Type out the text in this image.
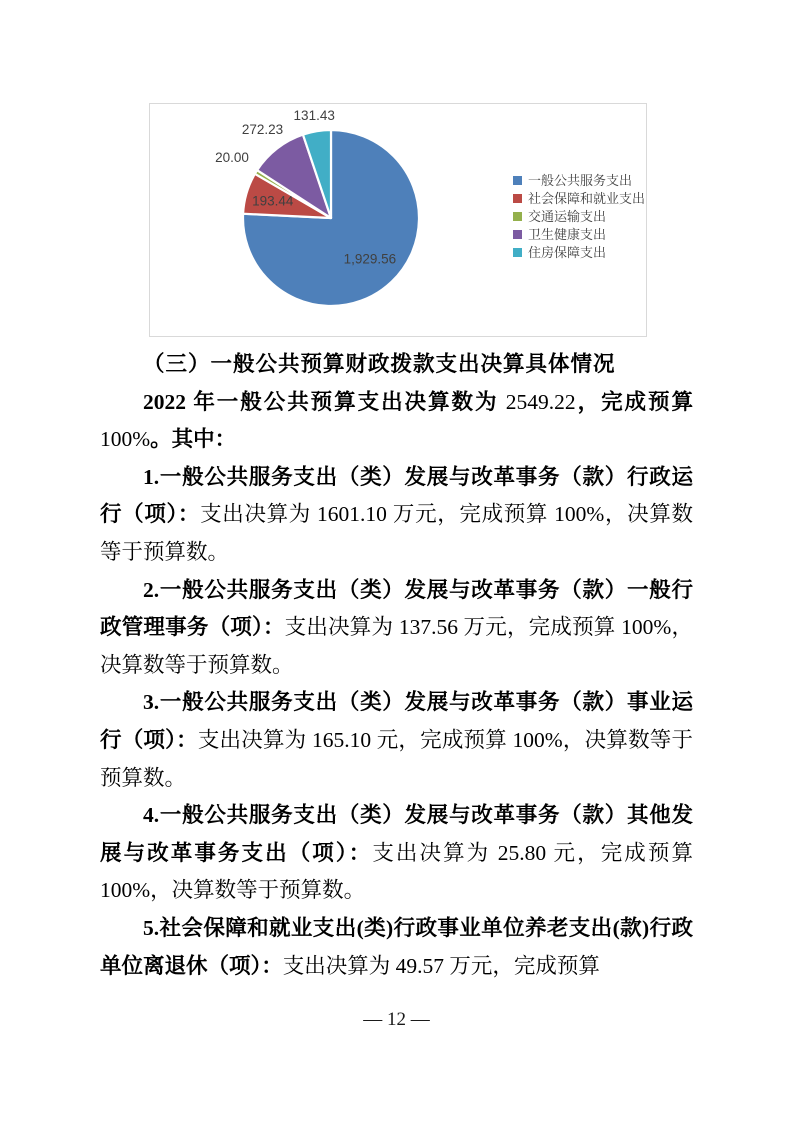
1,929.56
193.44
20.00
272.23
131.43
一般公共服务支出
社会保障和就业支出
交通运输支出
卫生健康支出
住房保障支出

（三）一般公共预算财政拨款支出决算具体情况

2022 年一般公共预算支出决算数为 2549.22，完成预算 100%。其中：

1.一般公共服务支出（类）发展与改革事务（款）行政运行（项）：支出决算为 1601.10 万元，完成预算 100%，决算数等于预算数。

2.一般公共服务支出（类）发展与改革事务（款）一般行政管理事务（项）：支出决算为 137.56 万元，完成预算 100%，决算数等于预算数。

3.一般公共服务支出（类）发展与改革事务（款）事业运行（项）：支出决算为 165.10 元，完成预算 100%，决算数等于预算数。

4.一般公共服务支出（类）发展与改革事务（款）其他发展与改革事务支出（项）：支出决算为 25.80 元，完成预算 100%，决算数等于预算数。

5.社会保障和就业支出(类)行政事业单位养老支出(款)行政单位离退休（项）：支出决算为 49.57 万元，完成预算

— 12 —
